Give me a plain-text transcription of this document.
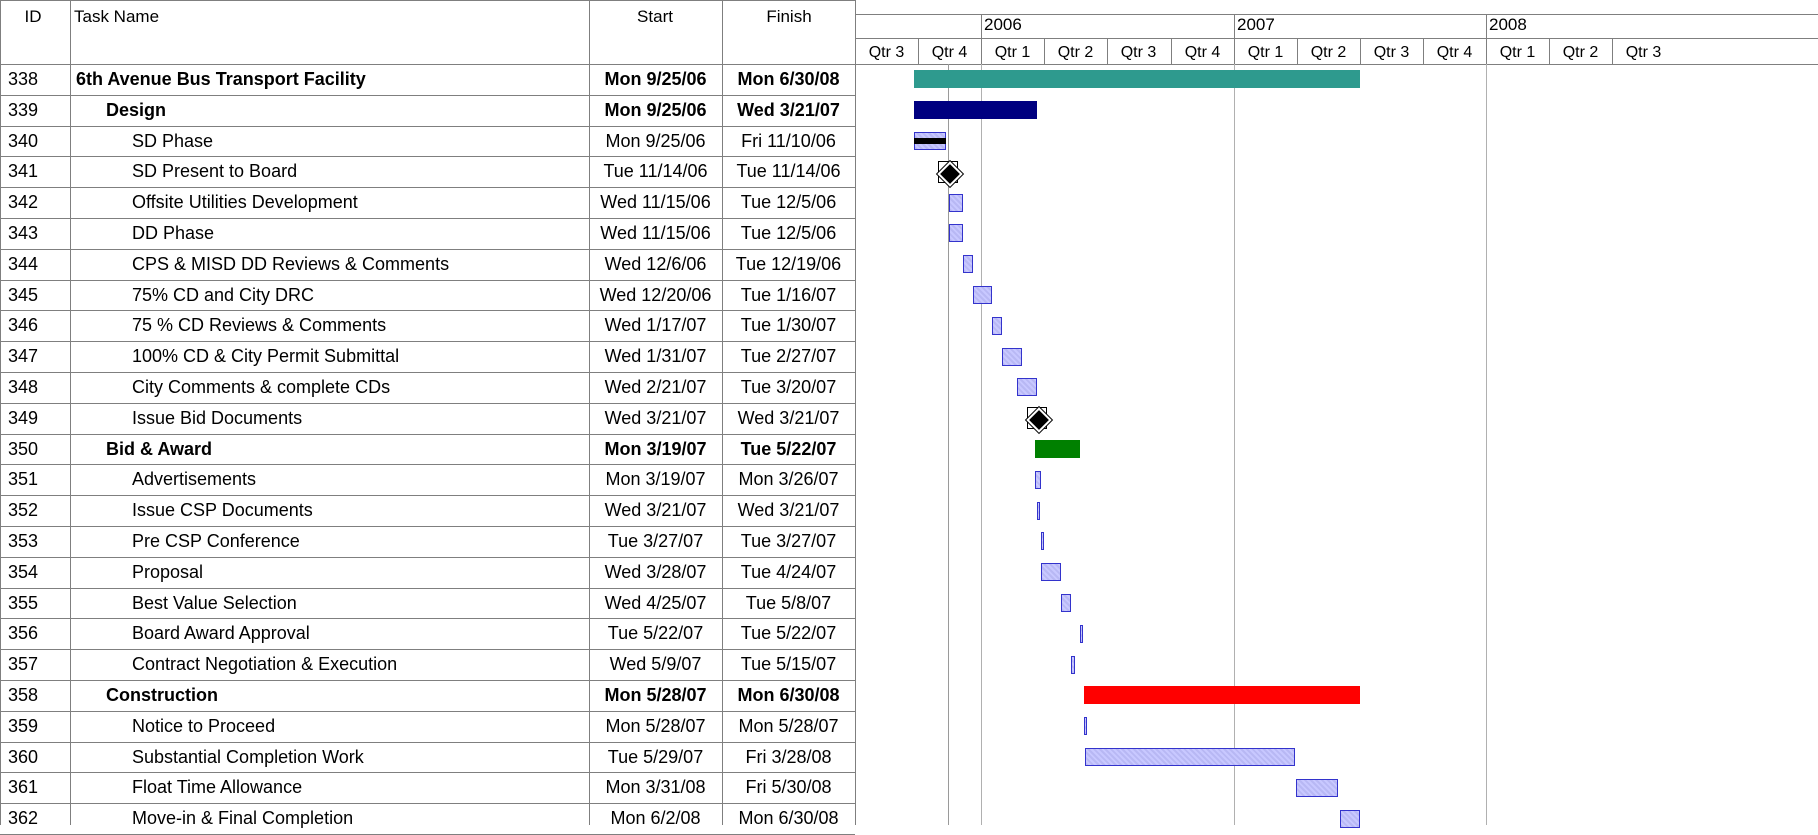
ID	Task Name	Start	Finish
338	6th Avenue Bus Transport Facility	Mon 9/25/06	Mon 6/30/08
339	Design	Mon 9/25/06	Wed 3/21/07
340	SD Phase	Mon 9/25/06	Fri 11/10/06
341	SD Present to Board	Tue 11/14/06	Tue 11/14/06
342	Offsite Utilities Development	Wed 11/15/06	Tue 12/5/06
343	DD Phase	Wed 11/15/06	Tue 12/5/06
344	CPS & MISD DD Reviews & Comments	Wed 12/6/06	Tue 12/19/06
345	75% CD and City DRC	Wed 12/20/06	Tue 1/16/07
346	75 % CD Reviews & Comments	Wed 1/17/07	Tue 1/30/07
347	100% CD & City Permit Submittal	Wed 1/31/07	Tue 2/27/07
348	City Comments & complete CDs	Wed 2/21/07	Tue 3/20/07
349	Issue Bid Documents	Wed 3/21/07	Wed 3/21/07
350	Bid & Award	Mon 3/19/07	Tue 5/22/07
351	Advertisements	Mon 3/19/07	Mon 3/26/07
352	Issue CSP Documents	Wed 3/21/07	Wed 3/21/07
353	Pre CSP Conference	Tue 3/27/07	Tue 3/27/07
354	Proposal	Wed 3/28/07	Tue 4/24/07
355	Best Value Selection	Wed 4/25/07	Tue 5/8/07
356	Board Award Approval	Tue 5/22/07	Tue 5/22/07
357	Contract Negotiation & Execution	Wed 5/9/07	Tue 5/15/07
358	Construction	Mon 5/28/07	Mon 6/30/08
359	Notice to Proceed	Mon 5/28/07	Mon 5/28/07
360	Substantial Completion Work	Tue 5/29/07	Fri 3/28/08
361	Float Time Allowance	Mon 3/31/08	Fri 5/30/08
362	Move-in & Final Completion	Mon 6/2/08	Mon 6/30/08
2006	2007	2008
Qtr 3	Qtr 4	Qtr 1	Qtr 2	Qtr 3	Qtr 4	Qtr 1	Qtr 2	Qtr 3	Qtr 4	Qtr 1	Qtr 2	Qtr 3
